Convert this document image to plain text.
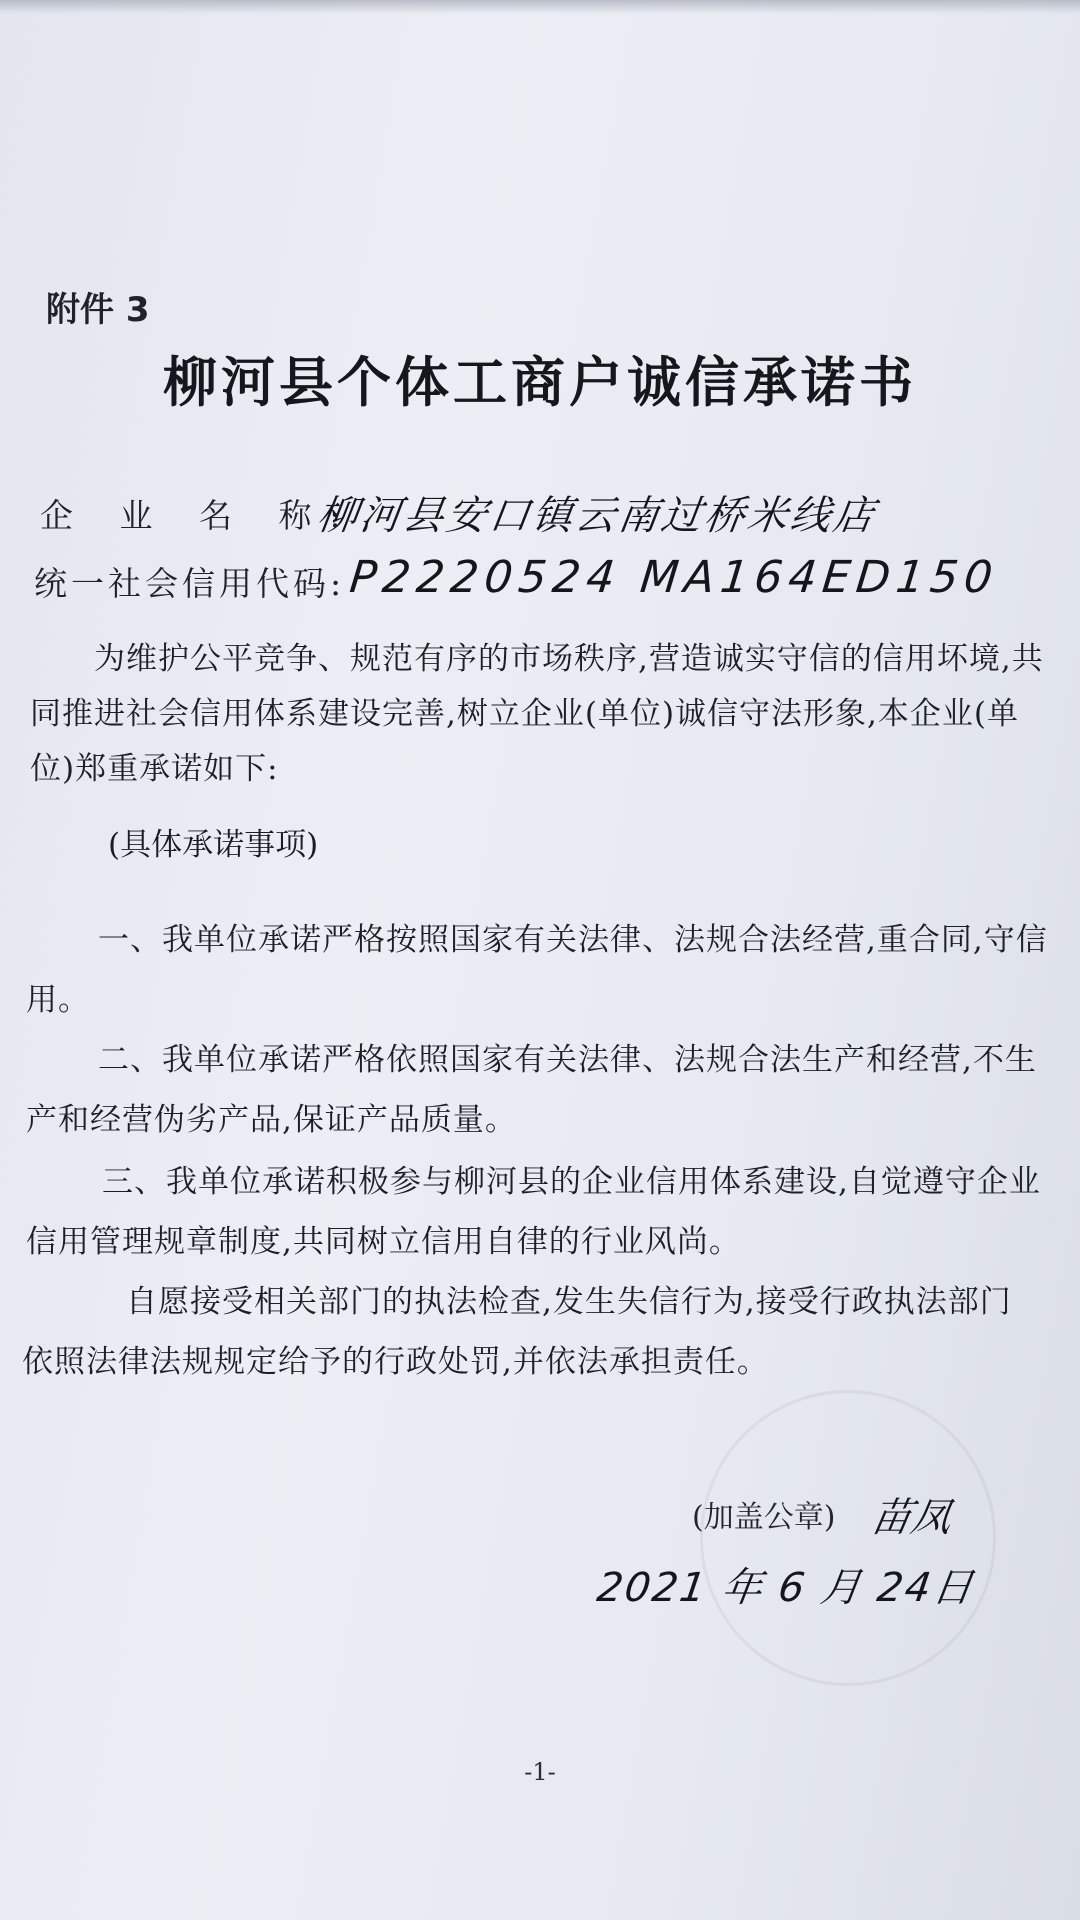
附件 3
柳河县个体工商户诚信承诺书
企 业 名 称:
柳河县安口镇云南过桥米线店
统一社会信用代码: P2220524 MA164ED150
为维护公平竞争、规范有序的市场秩序,营造诚实守信的信用坏境,共同推进社会信用体系建设完善,树立企业(单位)诚信守法形象,本企业(单位)郑重承诺如下:
(具体承诺事项)
一、我单位承诺严格按照国家有关法律、法规合法经营,重合同,守信用。
二、我单位承诺严格依照国家有关法律、法规合法生产和经营,不生产和经营伪劣产品,保证产品质量。
三、我单位承诺积极参与柳河县的企业信用体系建设,自觉遵守企业信用管理规章制度,共同树立信用自律的行业风尚。
自愿接受相关部门的执法检查,发生失信行为,接受行政执法部门依照法律法规规定给予的行政处罚,并依法承担责任。
(加盖公章) 苗凤
2021 年 6 月 24日
-1-
